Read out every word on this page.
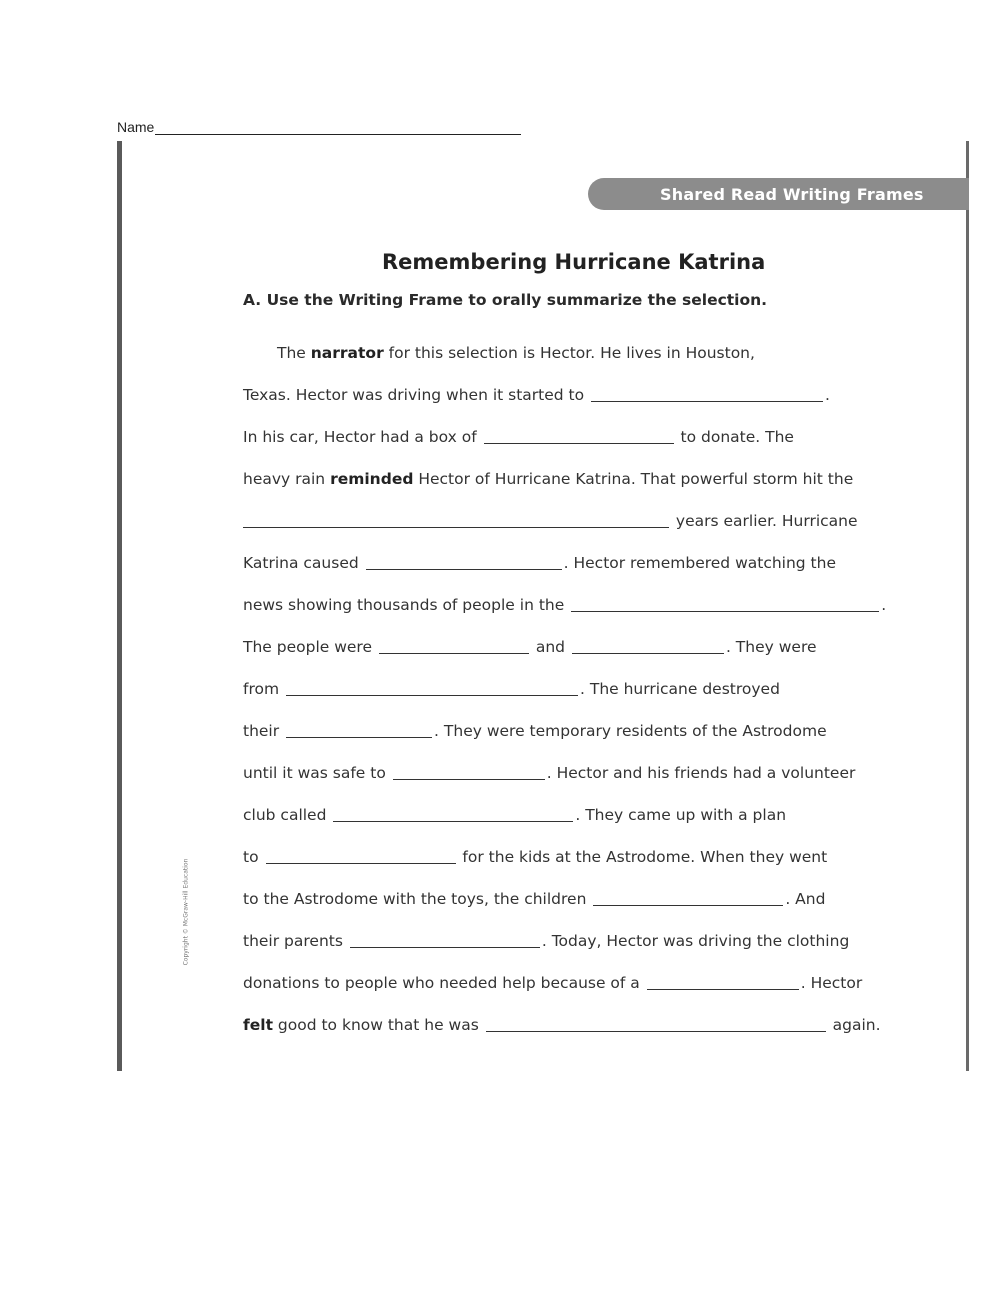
Name
Shared Read Writing Frames
Remembering Hurricane Katrina
A. Use the Writing Frame to orally summarize the selection.
The narrator for this selection is Hector. He lives in Houston,
Texas. Hector was driving when it started to	.
In his car, Hector had a box of	to donate. The
heavy rain reminded Hector of Hurricane Katrina. That powerful storm hit the
years earlier. Hurricane
Katrina caused	. Hector remembered watching the
news showing thousands of people in the	.
The people were	and	. They were
from	. The hurricane destroyed
their	. They were temporary residents of the Astrodome
until it was safe to	. Hector and his friends had a volunteer
club called	. They came up with a plan
to	for the kids at the Astrodome. When they went
to the Astrodome with the toys, the children	. And
their parents	. Today, Hector was driving the clothing
donations to people who needed help because of a	. Hector
felt good to know that he was	again.
Copyright © McGraw-Hill Education
